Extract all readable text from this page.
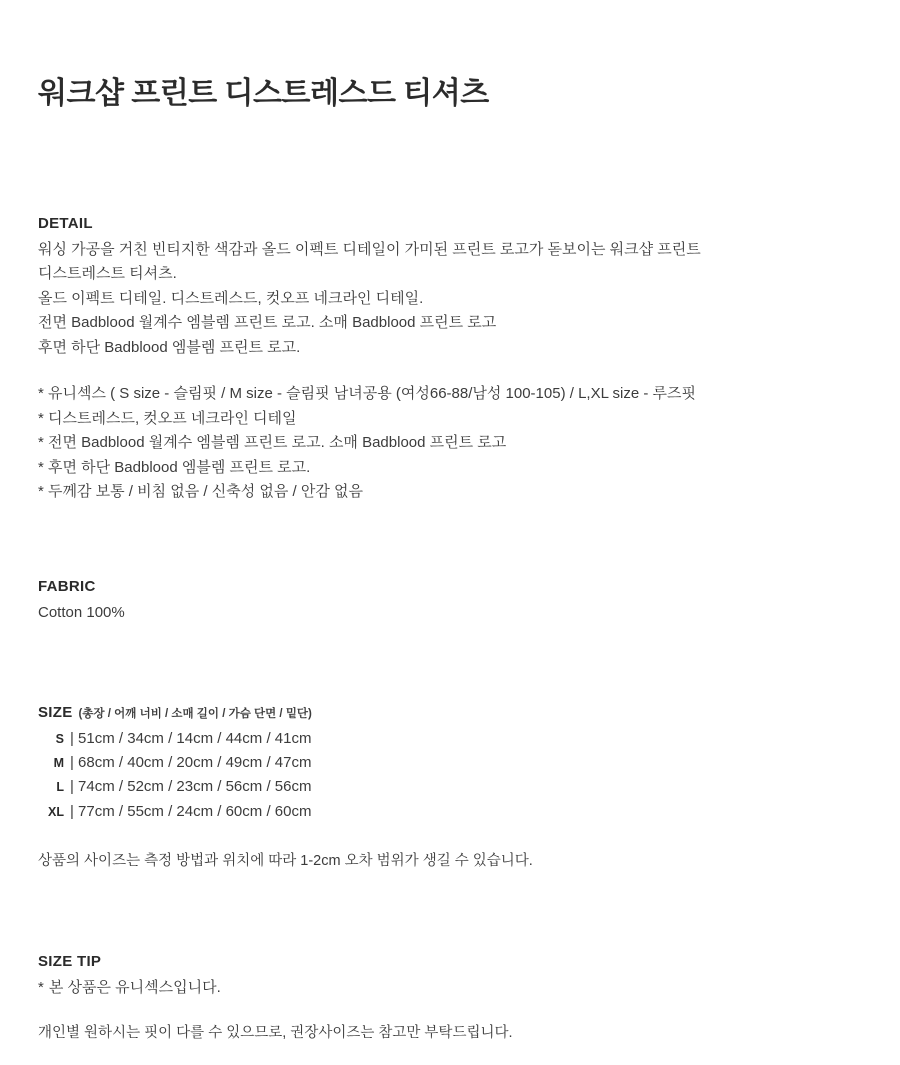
워크샵 프린트 디스트레스드 티셔츠
DETAIL

워싱 가공을 거친 빈티지한 색감과 올드 이펙트 디테일이 가미된 프린트 로고가 돋보이는 워크샵 프린트

디스트레스트 티셔츠.

올드 이펙트 디테일. 디스트레스드, 컷오프 네크라인 디테일.

전면 Badblood 월계수 엠블렘 프린트 로고. 소매 Badblood 프린트 로고

후면 하단 Badblood 엠블렘 프린트 로고.

* 유니섹스 ( S size - 슬림핏 / M size - 슬림핏 남녀공용 (여성66-88/남성 100-105) / L,XL size - 루즈핏

* 디스트레스드, 컷오프 네크라인 디테일

* 전면 Badblood 월계수 엠블렘 프린트 로고. 소매 Badblood 프린트 로고

* 후면 하단 Badblood 엠블렘 프린트 로고.

* 두께감 보통 / 비침 없음 / 신축성 없음 / 안감 없음

FABRIC

Cotton 100%

SIZE (총장 / 어깨 너비 / 소매 길이 / 가슴 단면 / 밑단)
S	| 51cm / 34cm / 14cm / 44cm / 41cm
M	| 68cm / 40cm / 20cm / 49cm / 47cm
L	| 74cm / 52cm / 23cm / 56cm / 56cm
XL	| 77cm / 55cm / 24cm / 60cm / 60cm

상품의 사이즈는 측정 방법과 위치에 따라 1-2cm 오차 범위가 생길 수 있습니다.

SIZE TIP

* 본 상품은 유니섹스입니다.

개인별 원하시는 핏이 다를 수 있으므로, 권장사이즈는 참고만 부탁드립니다.
